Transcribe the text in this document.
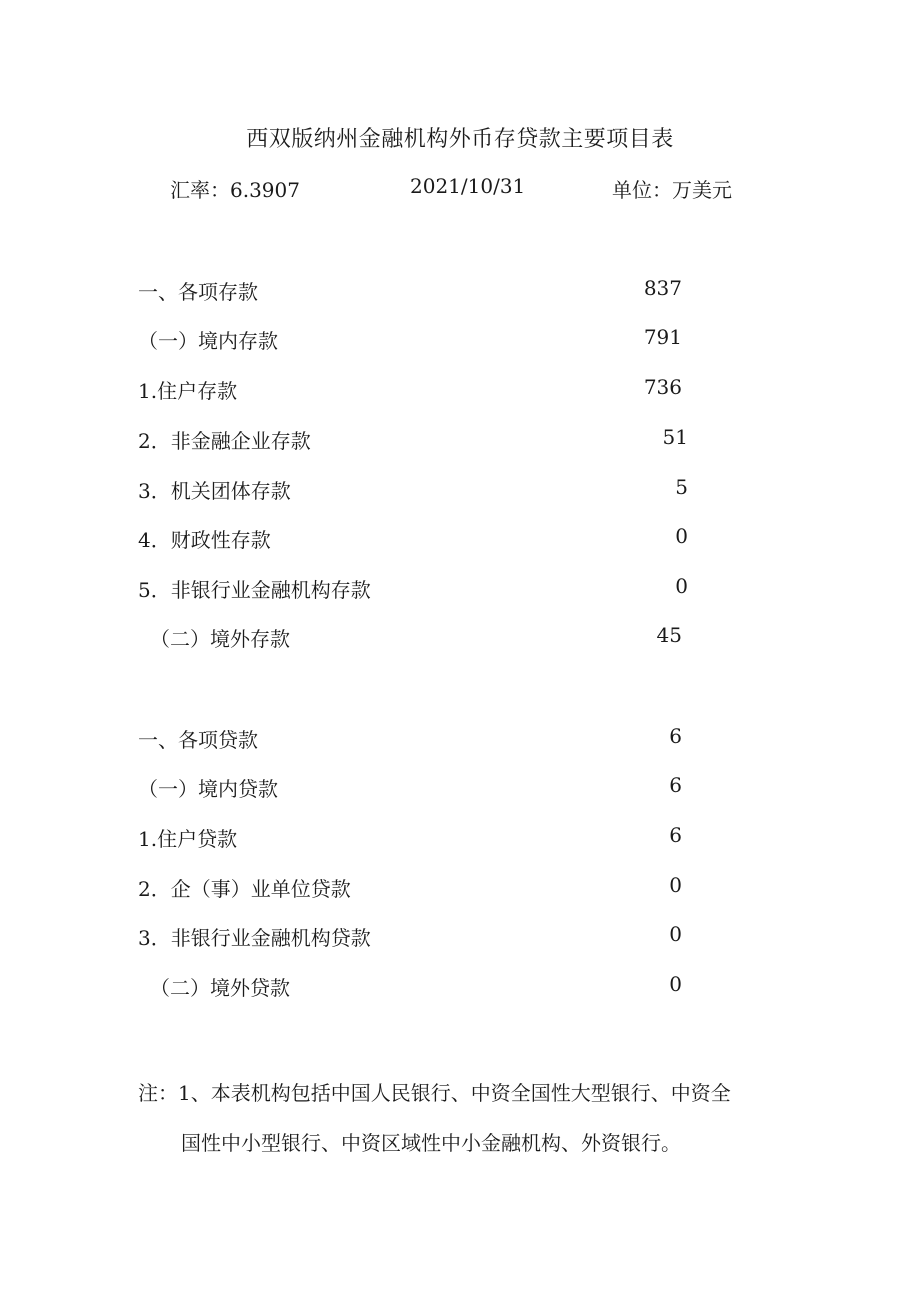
西双版纳州金融机构外币存贷款主要项目表
汇率：6.3907	2021/10/31	单位：万美元
一、各项存款	837
（一）境内存款	791
1.住户存款	736
2．非金融企业存款	51
3．机关团体存款	5
4．财政性存款	0
5．非银行业金融机构存款	0
（二）境外存款	45
一、各项贷款	6
（一）境内贷款	6
1.住户贷款	6
2．企（事）业单位贷款	0
3．非银行业金融机构贷款	0
（二）境外贷款	0
注：1、本表机构包括中国人民银行、中资全国性大型银行、中资全
国性中小型银行、中资区域性中小金融机构、外资银行。
